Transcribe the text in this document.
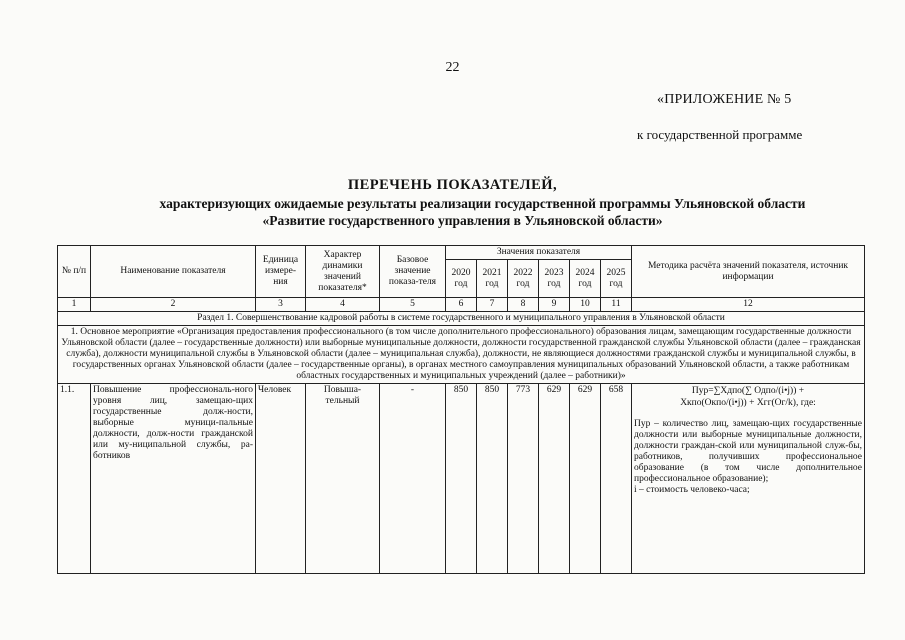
22
«ПРИЛОЖЕНИЕ № 5
к государственной программе
ПЕРЕЧЕНЬ ПОКАЗАТЕЛЕЙ,
характеризующих ожидаемые результаты реализации государственной программы Ульяновской области
«Развитие государственного управления в Ульяновской области»
№ п/п	Наименование показателя	Единица измере-ния	Характер динамики значений показателя*	Базовое значение показа-теля	Значения показателя						Методика расчёта значений показателя, источник информации
					2020 год	2021 год	2022 год	2023 год	2024 год	2025 год	
1	2	3	4	5	6	7	8	9	10	11	12
Раздел 1. Совершенствование кадровой работы в системе государственного и муниципального управления в Ульяновской области											
1. Основное мероприятие «Организация предоставления профессионального (в том числе дополнительного профессионального) образования лицам, замещающим государственные должности Ульяновской области (далее – государственные должности) или выборные муниципальные должности, должности государственной гражданской службы Ульяновской области (далее – гражданская служба), должности муниципальной службы в Ульяновской области (далее – муниципальная служба), должности, не являющиеся должностями гражданской службы и муниципальной службы, в государственных органах Ульяновской области (далее – государственные органы), в органах местного самоуправления муниципальных образований Ульяновской области, а также работникам областных государственных и муниципальных учреждений (далее – работники)»											
1.1.	Повышение профессиональ-ного уровня лиц, замещаю-щих государственные долж-ности, выборные муници-пальные должности, долж-ности гражданской или му-ниципальной службы, ра-ботников	Человек	Повыша-тельный	-	850	850	773	629	629	658	Пур=∑Xдпо(∑ Одпо/(i•j)) +
Xкпо(Окпо/(i•j)) + Xгг(Ог/k), где:
Пур – количество лиц, замещаю-щих государственные должности или выборные муниципальные должности, должности граждан-ской или муниципальной служ-бы, работников, получивших профессиональное образование (в том числе дополнительное профессиональное образование);
i – стоимость человеко-часа;
